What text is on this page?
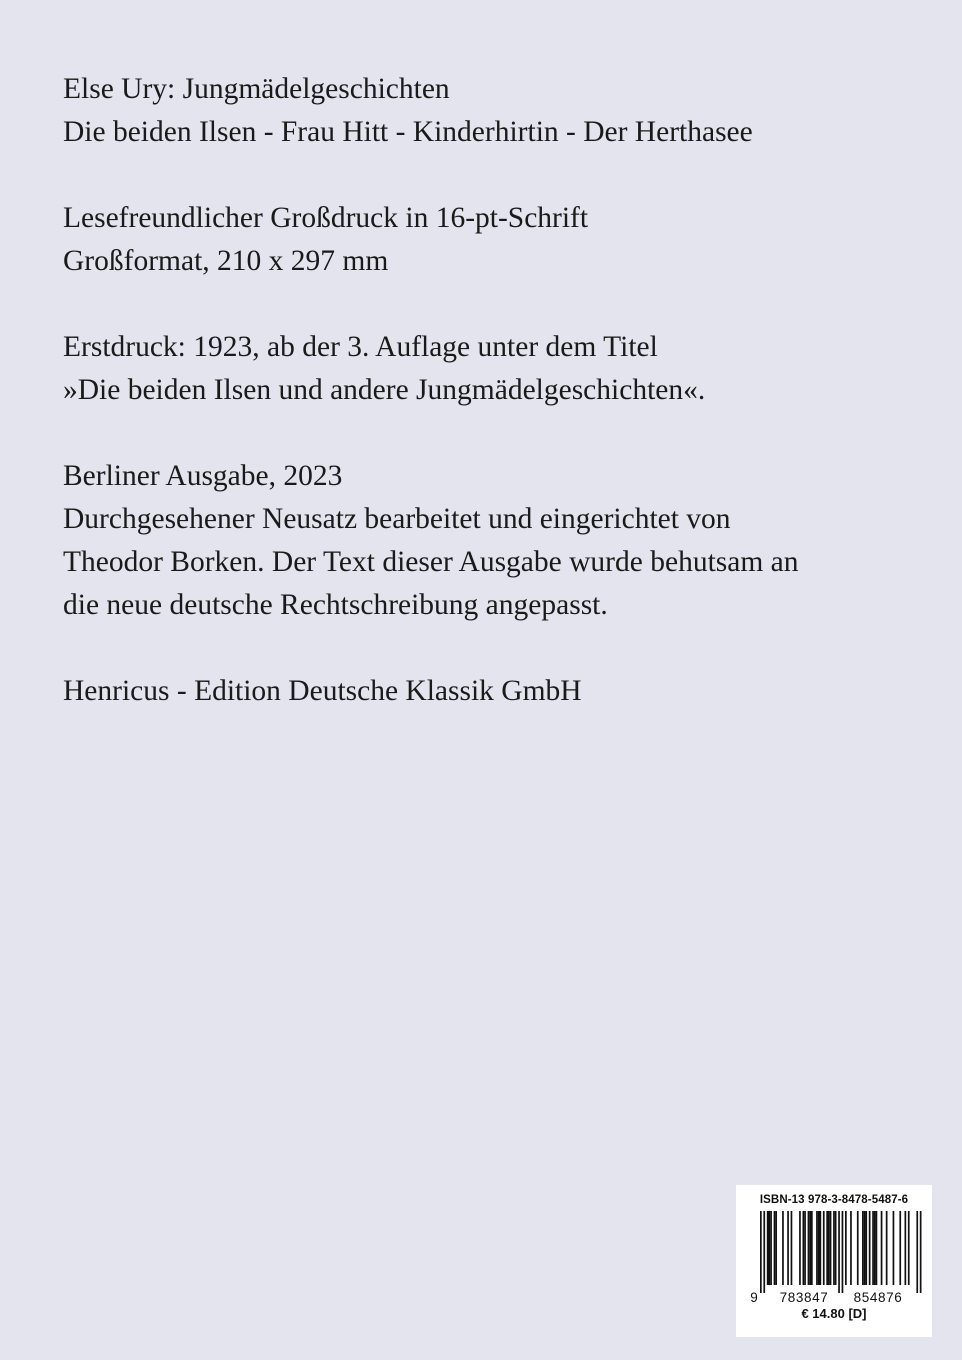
Else Ury: Jungmädelgeschichten
Die beiden Ilsen - Frau Hitt - Kinderhirtin - Der Herthasee
Lesefreundlicher Großdruck in 16-pt-Schrift
Großformat, 210 x 297 mm
Erstdruck: 1923, ab der 3. Auflage unter dem Titel
»Die beiden Ilsen und andere Jungmädelgeschichten«.
Berliner Ausgabe, 2023
Durchgesehener Neusatz bearbeitet und eingerichtet von
Theodor Borken. Der Text dieser Ausgabe wurde behutsam an
die neue deutsche Rechtschreibung angepasst.
Henricus - Edition Deutsche Klassik GmbH
ISBN-13 978-3-8478-5487-6
9 783847 854876
€ 14.80 [D]
